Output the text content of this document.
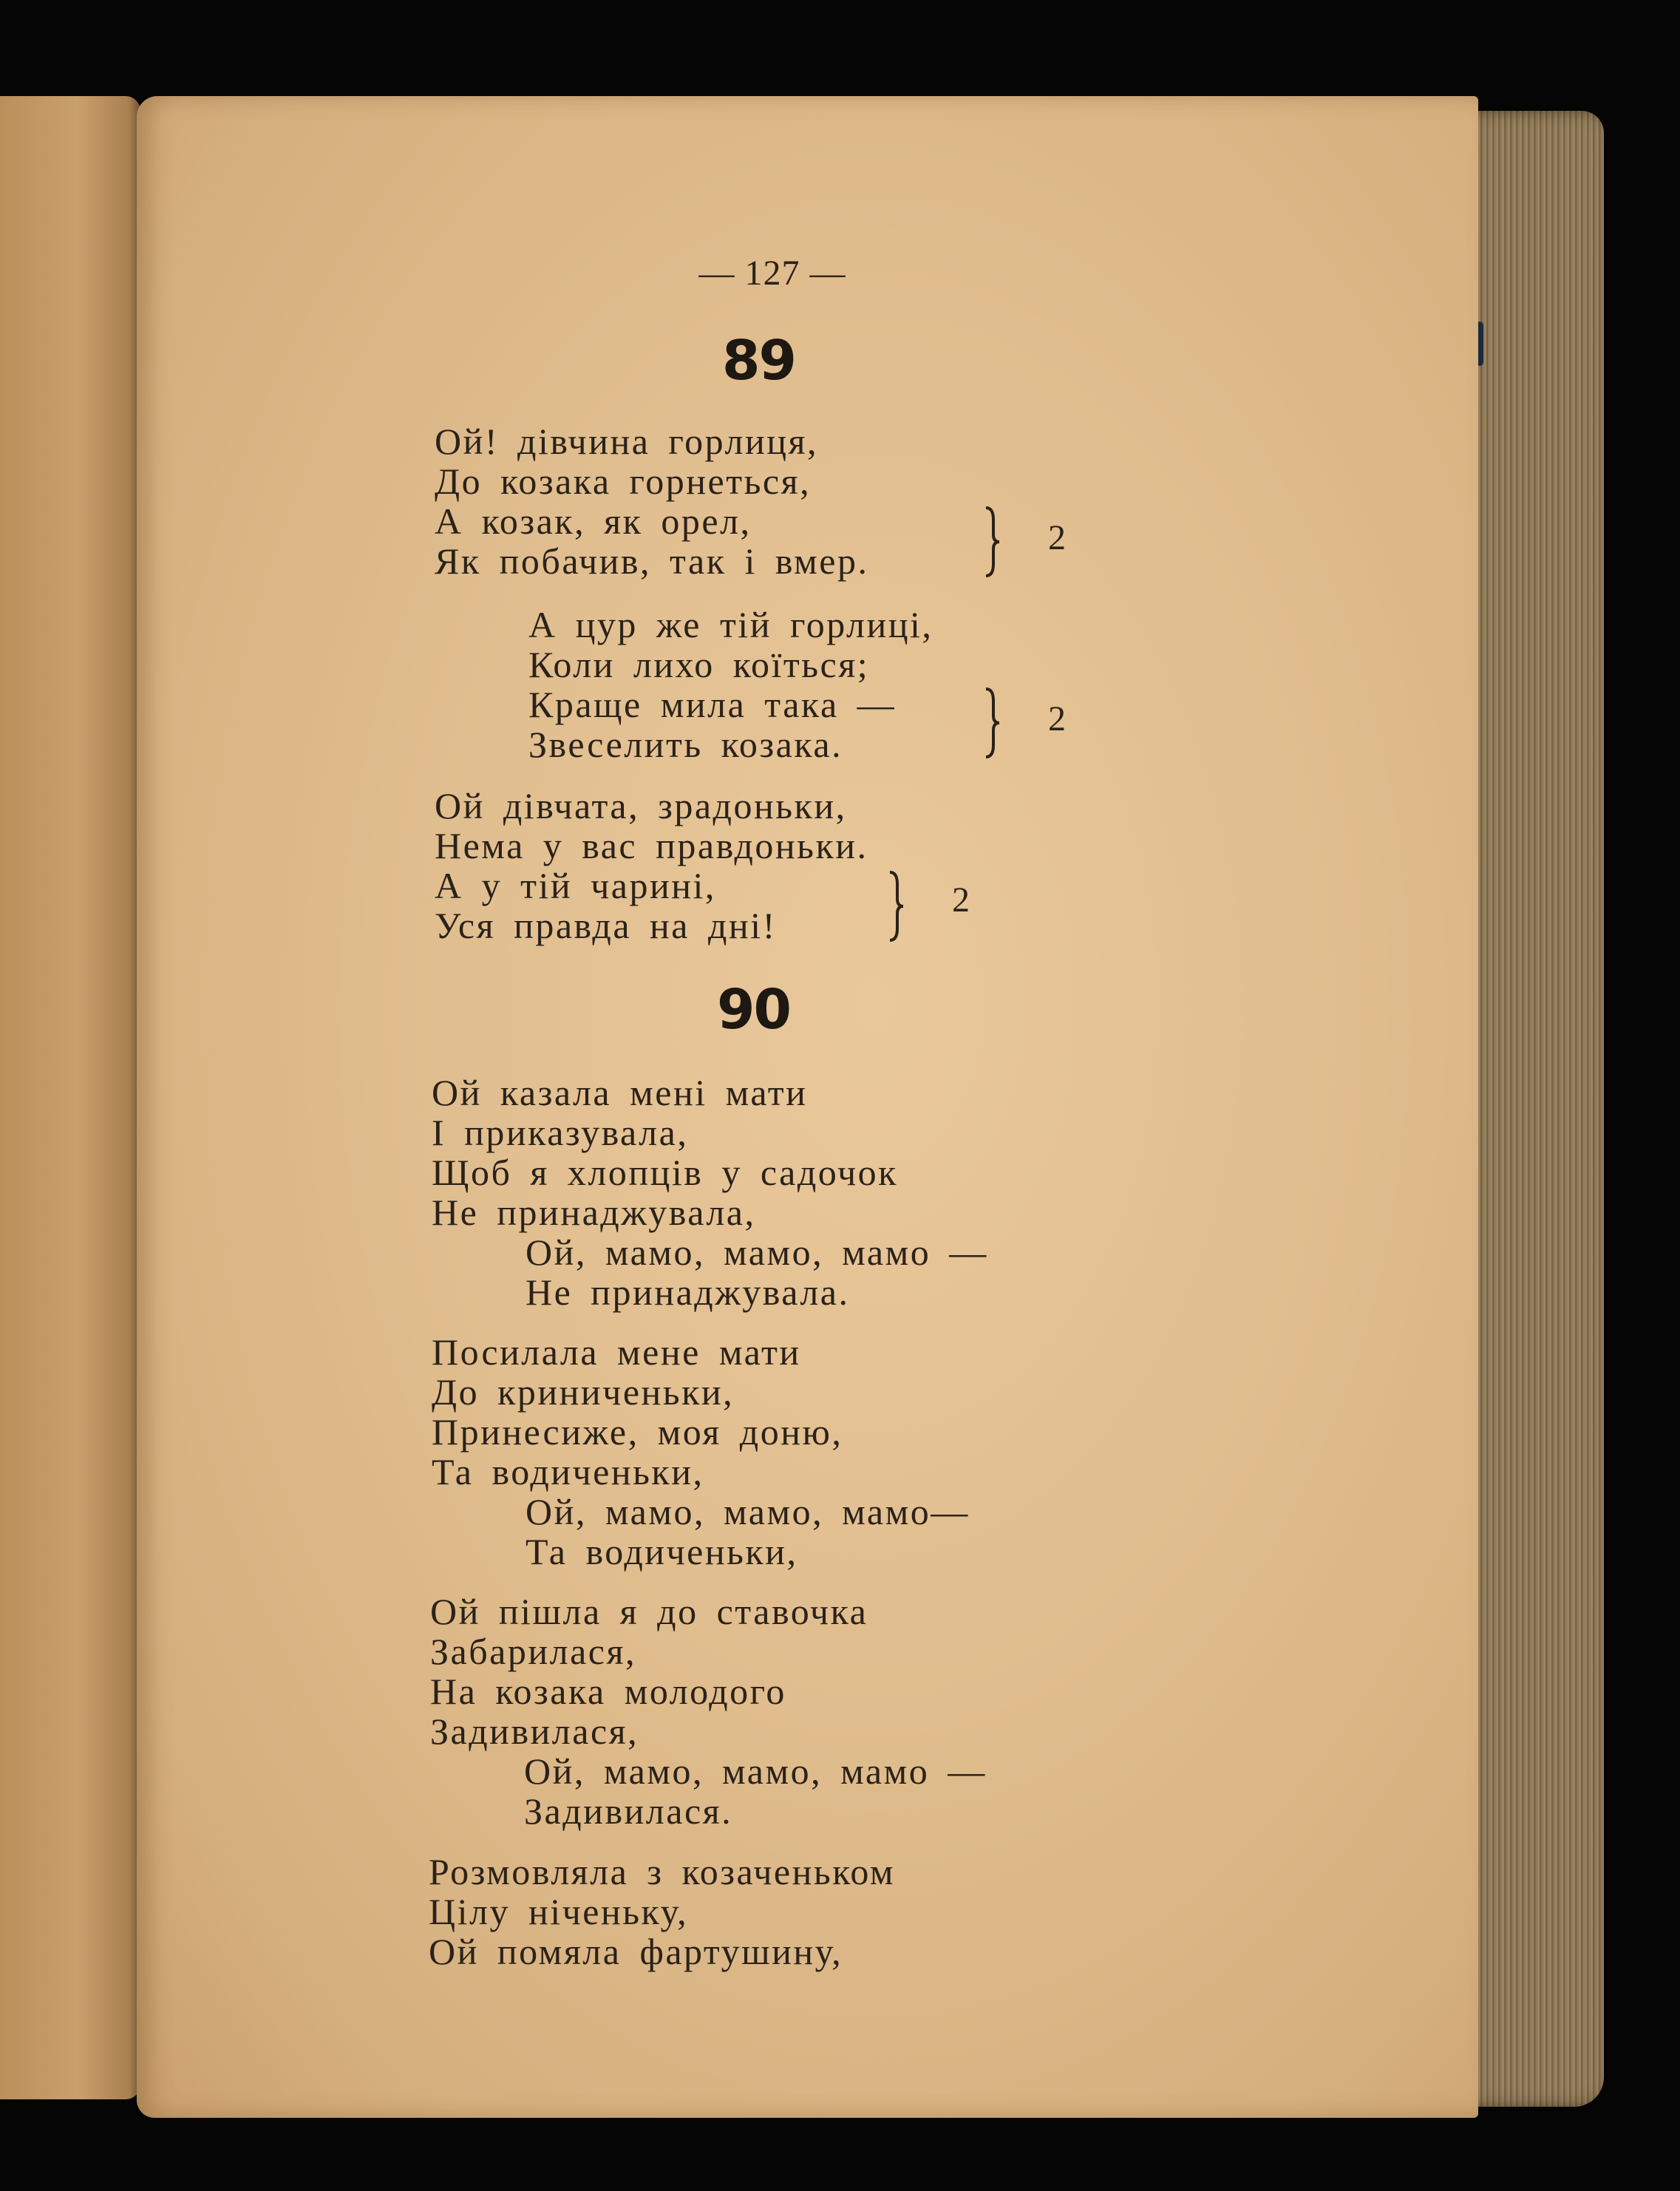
— 127 —
89
Ой! дівчина горлиця,
До козака горнеться,
А козак, як орел,
Як побачив, так і вмер.
2
А цур же тій горлиці,
Коли лихо коїться;
Краще мила така —
Звеселить козака.
2
Ой дівчата, зрадоньки,
Нема у вас правдоньки.
А у тій чарині,
Уся правда на дні!
2
90
Ой казала мені мати
І приказувала,
Щоб я хлопців у садочок
Не принаджувала,
Ой, мамо, мамо, мамо —
Не принаджувала.
Посилала мене мати
До криниченьки,
Принесиже, моя доню,
Та водиченьки,
Ой, мамо, мамо, мамо—
Та водиченьки,
Ой пішла я до ставочка
Забарилася,
На козака молодого
Задивилася,
Ой, мамо, мамо, мамо —
Задивилася.
Розмовляла з козаченьком
Цілу ніченьку,
Ой помяла фартушину,
